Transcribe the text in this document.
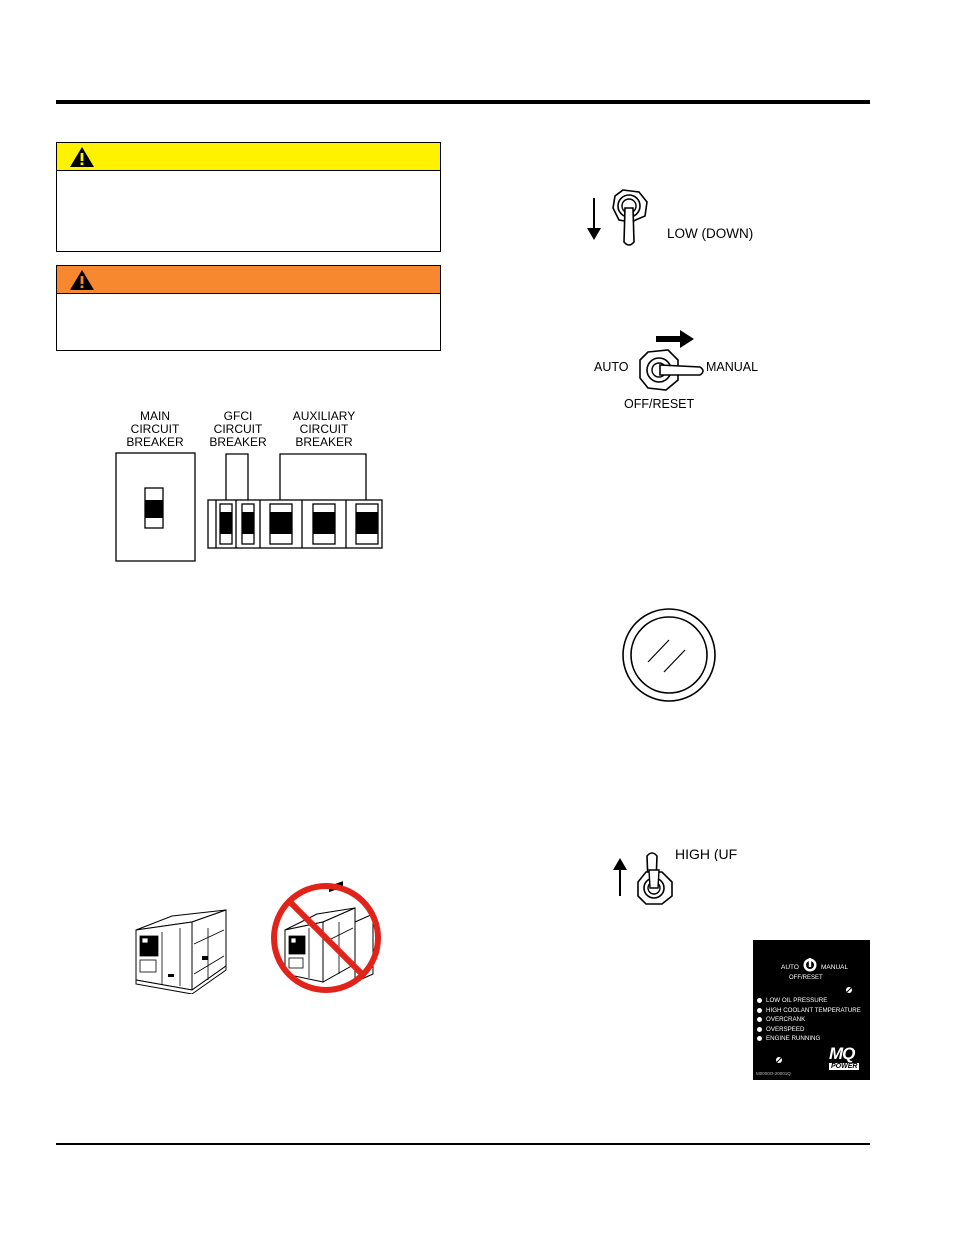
MAIN
CIRCUIT
BREAKER
GFCI
CIRCUIT
BREAKER
AUXILIARY
CIRCUIT
BREAKER
LOW (DOWN)
AUTO	MANUAL
OFF/RESET
HIGH (UF
AUTO	MANUAL
OFF/RESET
LOW OIL PRESSURE
HIGH COOLANT TEMPERATURE
OVERCRANK
OVERSPEED
ENGINE RUNNING
MQ
POWER
M0000O-20001Q
